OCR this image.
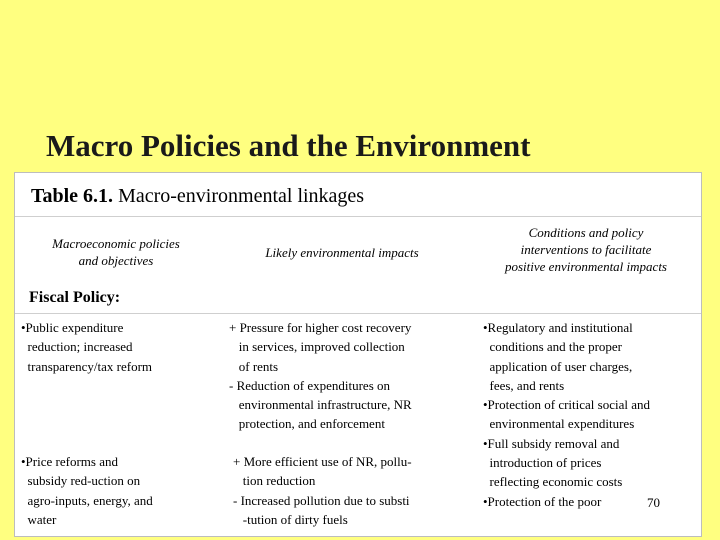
Macro Policies and the Environment
Table 6.1. Macro-environmental linkages
Macroeconomic policies
and objectives
Likely environmental impacts
Conditions and policy
interventions to facilitate
positive environmental impacts
Fiscal Policy:
•Public expenditure
reduction; increased
transparency/tax reform
+ Pressure for higher cost recovery
in services, improved collection
of rents
- Reduction of expenditures on
environmental infrastructure, NR
protection, and enforcement
•Price reforms and
subsidy red-uction on
agro-inputs, energy, and
water
+ More efficient use of NR, pollu-
tion reduction
- Increased pollution due to substi
-tution of dirty fuels
•Regulatory and institutional
conditions and the proper
application of user charges,
fees, and rents
•Protection of critical social and
environmental expenditures
•Full subsidy removal and
introduction of prices
reflecting economic costs
•Protection of the poor	70
